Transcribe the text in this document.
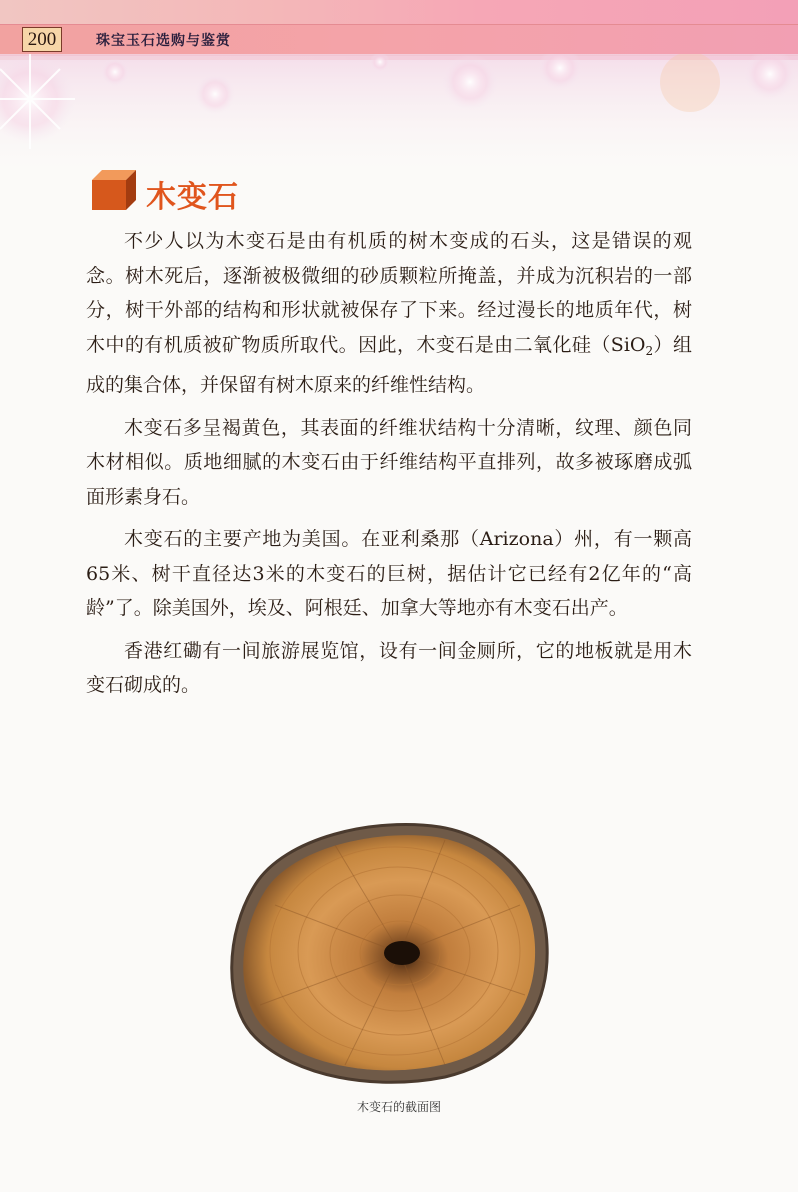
200	珠宝玉石选购与鉴赏
木变石

不少人以为木变石是由有机质的树木变成的石头，这是错误的观念。树木死后，逐渐被极微细的砂质颗粒所掩盖，并成为沉积岩的一部分，树干外部的结构和形状就被保存了下来。经过漫长的地质年代，树木中的有机质被矿物质所取代。因此，木变石是由二氧化硅（SiO$_2$）组成的集合体，并保留有树木原来的纤维性结构。

木变石多呈褐黄色，其表面的纤维状结构十分清晰，纹理、颜色同木材相似。质地细腻的木变石由于纤维结构平直排列，故多被琢磨成弧面形素身石。

木变石的主要产地为美国。在亚利桑那（Arizona）州，有一颗高65米、树干直径达3米的木变石的巨树，据估计它已经有2亿年的“高龄”了。除美国外，埃及、阿根廷、加拿大等地亦有木变石出产。

香港红磡有一间旅游展览馆，设有一间金厕所，它的地板就是用木变石砌成的。

木变石的截面图
